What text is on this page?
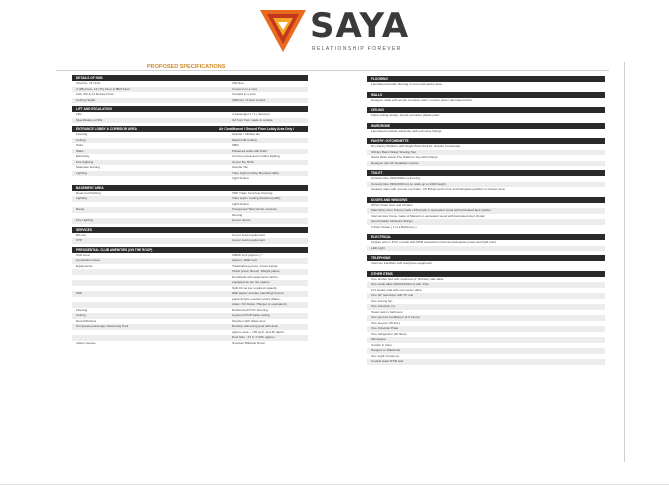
SAYA
RELATIONSHIP FOREVER
PROPOSED SPECIFICATIONS
DETAILS OF HUB
Total No. Of Units	330 Nos.
3 (2B) Floor, 16 (TF) Floor & 8B/A Floor	Common in a core
11th, 8th & 21 Refuse Floor	Created in a core
Ceiling Height	3000mm / 9 floor to floor
LIFT AND ESCALATION
Lifts	4 passenger's / 1 ( Service)
Specification of lifts	G3 from from made & outside
ENTRANCE LOBBY & CORRIDOR AREA	Air Conditioned / Ground Floor Lobby Area Only /
Flooring	Granite / Vitrified tile
Ceiling	Metal Grid Ceiling
Paint	OBD
Walls	Plastered walls with Paint
Electricity	Common area and corridor lighting
Fire Fighting	As per fire NOC
Staircase flooring	Granite Tile
Lighting	Tube Light (Ceiling Mounted LED)
Light Fixture
BASEMENT AREA
Road and Parking	VDF Trade Concrete Flooring
Lighting	Tube Light / Ceiling Mounted (LED)
Light Fixture
Ramp	Chequered Tiles/ Arche concrete
flooring
Fire Lighting	As per norms
SERVICES
DG set	As per load requirement
STP	As per load requirement
PRESIDENTIAL CLUB AMENITIES (ON THE ROOF)
Club Area	18000 sq.ft (approx.) *
Gymnasium Area	Approx. 1800 sq.ft
Equipments	Treadmill leg press, Cross trainer,
Chest press, Bench, Weight plates,
Dumbbells (all equipments will be
equipped as per the space)
Split AC as per required capacity
Wall	Wall paper/ wooden panelling/ texture
paint/ Acrylic emulsion paint (Mass -
Asian / ICI Dulux / Berger or equivalent)
Flooring	Rubberized/ PVC Flooring
Ceiling	Gypsum/ POP False ceiling
Doors/Window	Wooden with Glass door
Temperate passenger Swimming Pool	Rooftop swimming pool with deck
approx area ~ 700 sq.ft. and 4ft depth
Pool Size : 27 ft. X 20ft. approx.
Indoor Games	Snooker/ Billiards Room
FLOORING
Laminated wooden flooring in room and pantry area
WALLS
Designer walls with acrylic emulsion paint / texture paint / laminated finish
CEILING
False ceiling design, Acrylic emulsion plastic paint
WARDROBE
Laminated modular wardrobe with soft close fittings
PANTRY / KITCHENETTE
Dry Pantry Platform with Single Bowl Sink Dr. Granite Countertop
SS/Jen Basin Water Sharing Tap
Wood Work below The Platform Top with Fittings
Designer dar tub breakfast counter
TOILET
Ceramic tiles (300x600mm) flooring
Ceramic tiles (300x600mm) on walls up to 2400 height
Sanitary ware with counter top basin, CP fittings and mirror and half glass partition in shower area
DOORS AND WINDOWS
UPVC Outer door and window
Main Entry door Frame made of Bonzelli or equivalent wood with laminated face shutter
Internal door frame made of Maranti or equivalent wood with laminated door shutter
Good Quality hardware fittings
2 Door Chase ( 1 in a Bathroom )
ELECTRICAL
Copper wire in PVC conduit with MCB supported circuit and adequate power and light point
LED Light
TELEPHONE
Intercom Facilities with telephone equipment
OTHER ITEMS
One double bed with small tea (4" Rubber) side table
One study table (600X1200mm) with chair
1x1 seater sofa with one center table
One 32" television with TV unit
One Ironing fan
One Induction (1)
Towel rack in bathroom
One spot air conditioner (1.5 tonne)
One Geyser (25 litre)
One Induction Plate
One refrigerator (40 litres)
Microwave
Curtain in toilet
Hangers in Wardrobe
One Light in balcony
Central wash RTID bed
